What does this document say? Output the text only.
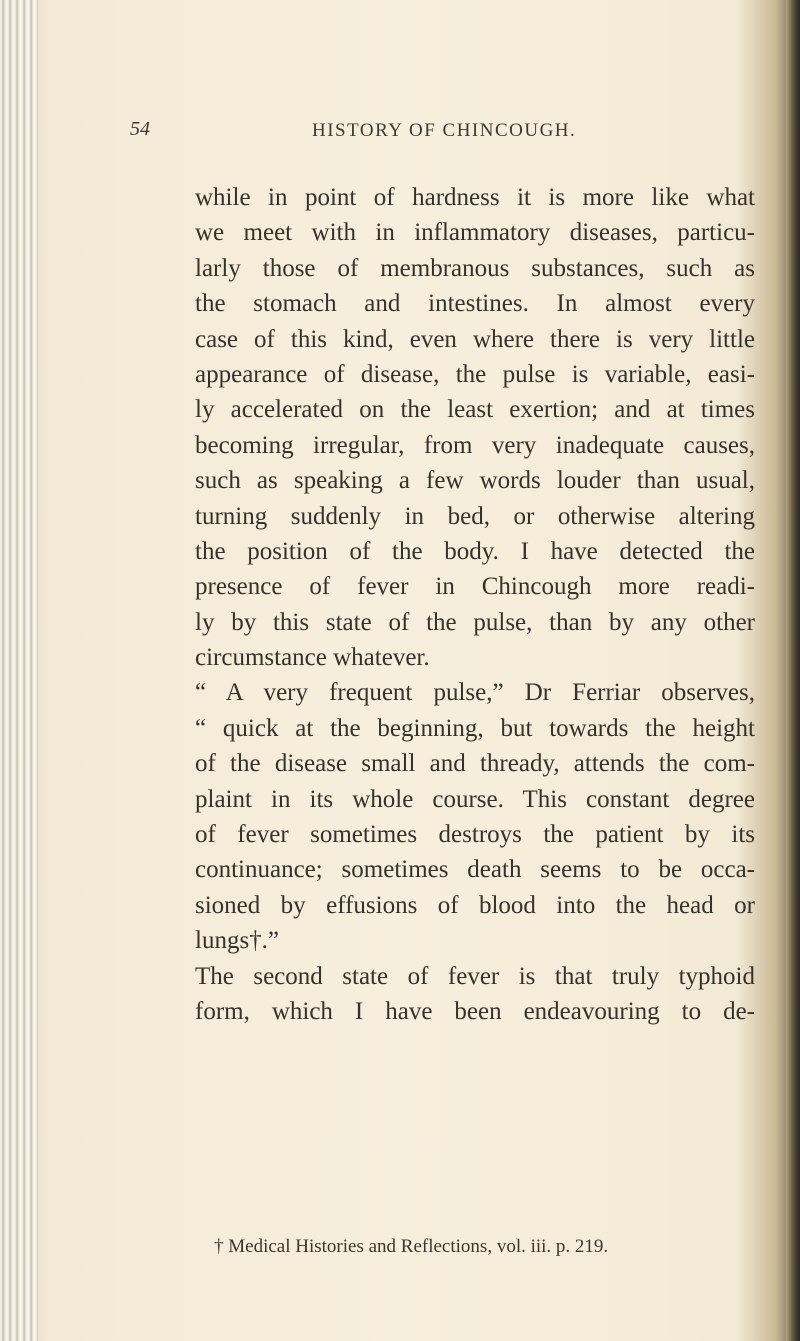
54	HISTORY OF CHINCOUGH.
while in point of hardness it is more like what
we meet with in inflammatory diseases, particu-
larly those of membranous substances, such as
the stomach and intestines. In almost every
case of this kind, even where there is very little
appearance of disease, the pulse is variable, easi-
ly accelerated on the least exertion; and at times
becoming irregular, from very inadequate causes,
such as speaking a few words louder than usual,
turning suddenly in bed, or otherwise altering
the position of the body. I have detected the
presence of fever in Chincough more readi-
ly by this state of the pulse, than by any other
circumstance whatever.
“ A very frequent pulse,” Dr Ferriar observes,
“ quick at the beginning, but towards the height
of the disease small and thready, attends the com-
plaint in its whole course. This constant degree
of fever sometimes destroys the patient by its
continuance; sometimes death seems to be occa-
sioned by effusions of blood into the head or
lungs†.”
The second state of fever is that truly typhoid
form, which I have been endeavouring to de-
† Medical Histories and Reflections, vol. iii. p. 219.
